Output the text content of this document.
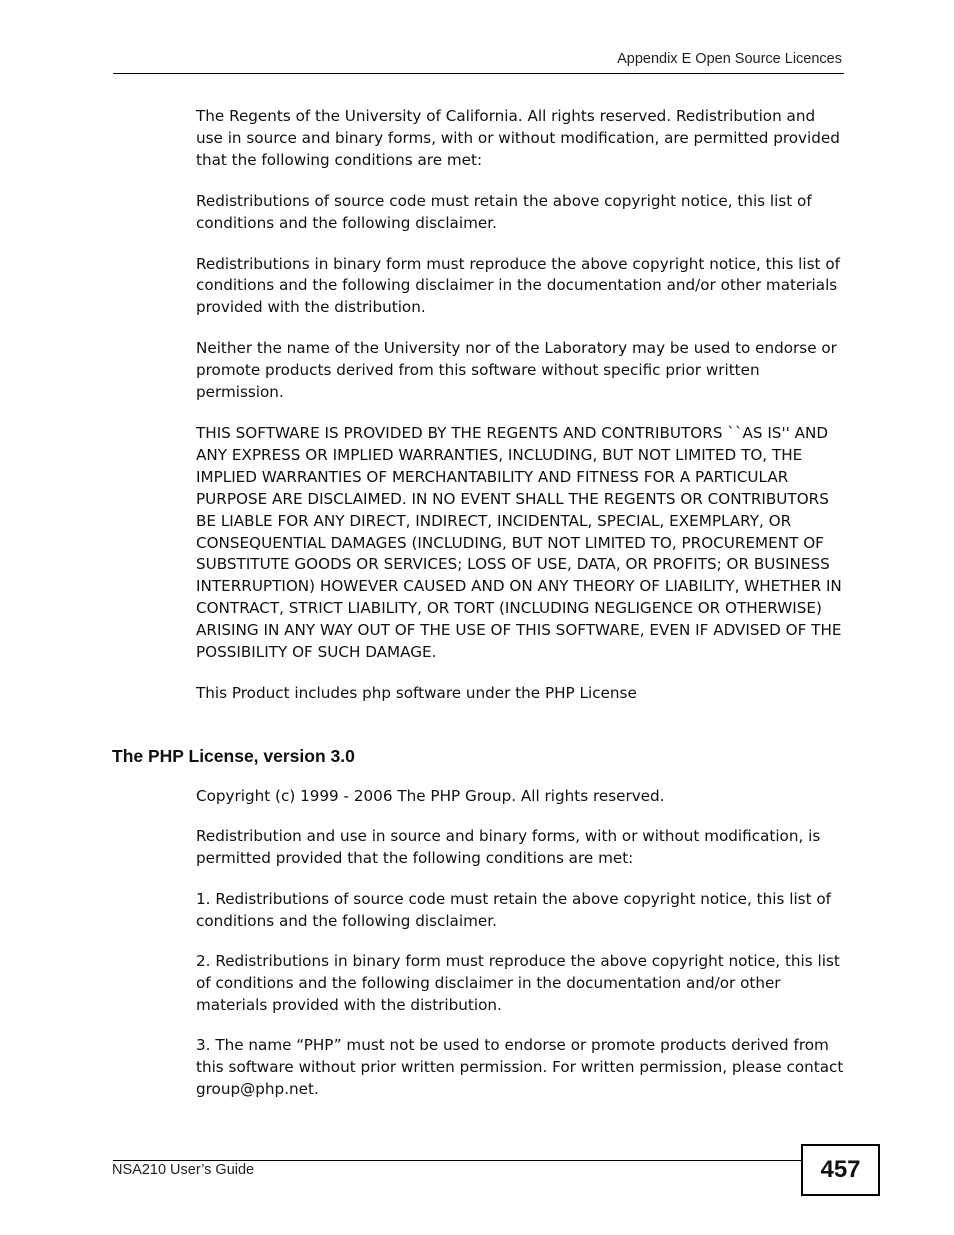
Appendix E Open Source Licences

The Regents of the University of California. All rights reserved. Redistribution and use in source and binary forms, with or without modification, are permitted provided that the following conditions are met:

Redistributions of source code must retain the above copyright notice, this list of conditions and the following disclaimer.

Redistributions in binary form must reproduce the above copyright notice, this list of conditions and the following disclaimer in the documentation and/or other materials provided with the distribution.

Neither the name of the University nor of the Laboratory may be used to endorse or promote products derived from this software without specific prior written permission.

THIS SOFTWARE IS PROVIDED BY THE REGENTS AND CONTRIBUTORS ``AS IS'' AND ANY EXPRESS OR IMPLIED WARRANTIES, INCLUDING, BUT NOT LIMITED TO, THE IMPLIED WARRANTIES OF MERCHANTABILITY AND FITNESS FOR A PARTICULAR PURPOSE ARE DISCLAIMED. IN NO EVENT SHALL THE REGENTS OR CONTRIBUTORS BE LIABLE FOR ANY DIRECT, INDIRECT, INCIDENTAL, SPECIAL, EXEMPLARY, OR CONSEQUENTIAL DAMAGES (INCLUDING, BUT NOT LIMITED TO, PROCUREMENT OF SUBSTITUTE GOODS OR SERVICES; LOSS OF USE, DATA, OR PROFITS; OR BUSINESS INTERRUPTION) HOWEVER CAUSED AND ON ANY THEORY OF LIABILITY, WHETHER IN CONTRACT, STRICT LIABILITY, OR TORT (INCLUDING NEGLIGENCE OR OTHERWISE) ARISING IN ANY WAY OUT OF THE USE OF THIS SOFTWARE, EVEN IF ADVISED OF THE POSSIBILITY OF SUCH DAMAGE.

This Product includes php software under the PHP License

The PHP License, version 3.0

Copyright (c) 1999 - 2006 The PHP Group. All rights reserved.

Redistribution and use in source and binary forms, with or without modification, is permitted provided that the following conditions are met:

1. Redistributions of source code must retain the above copyright notice, this list of conditions and the following disclaimer.

2. Redistributions in binary form must reproduce the above copyright notice, this list of conditions and the following disclaimer in the documentation and/or other materials provided with the distribution.

3. The name “PHP” must not be used to endorse or promote products derived from this software without prior written permission. For written permission, please contact group@php.net.

NSA210 User’s Guide	457
